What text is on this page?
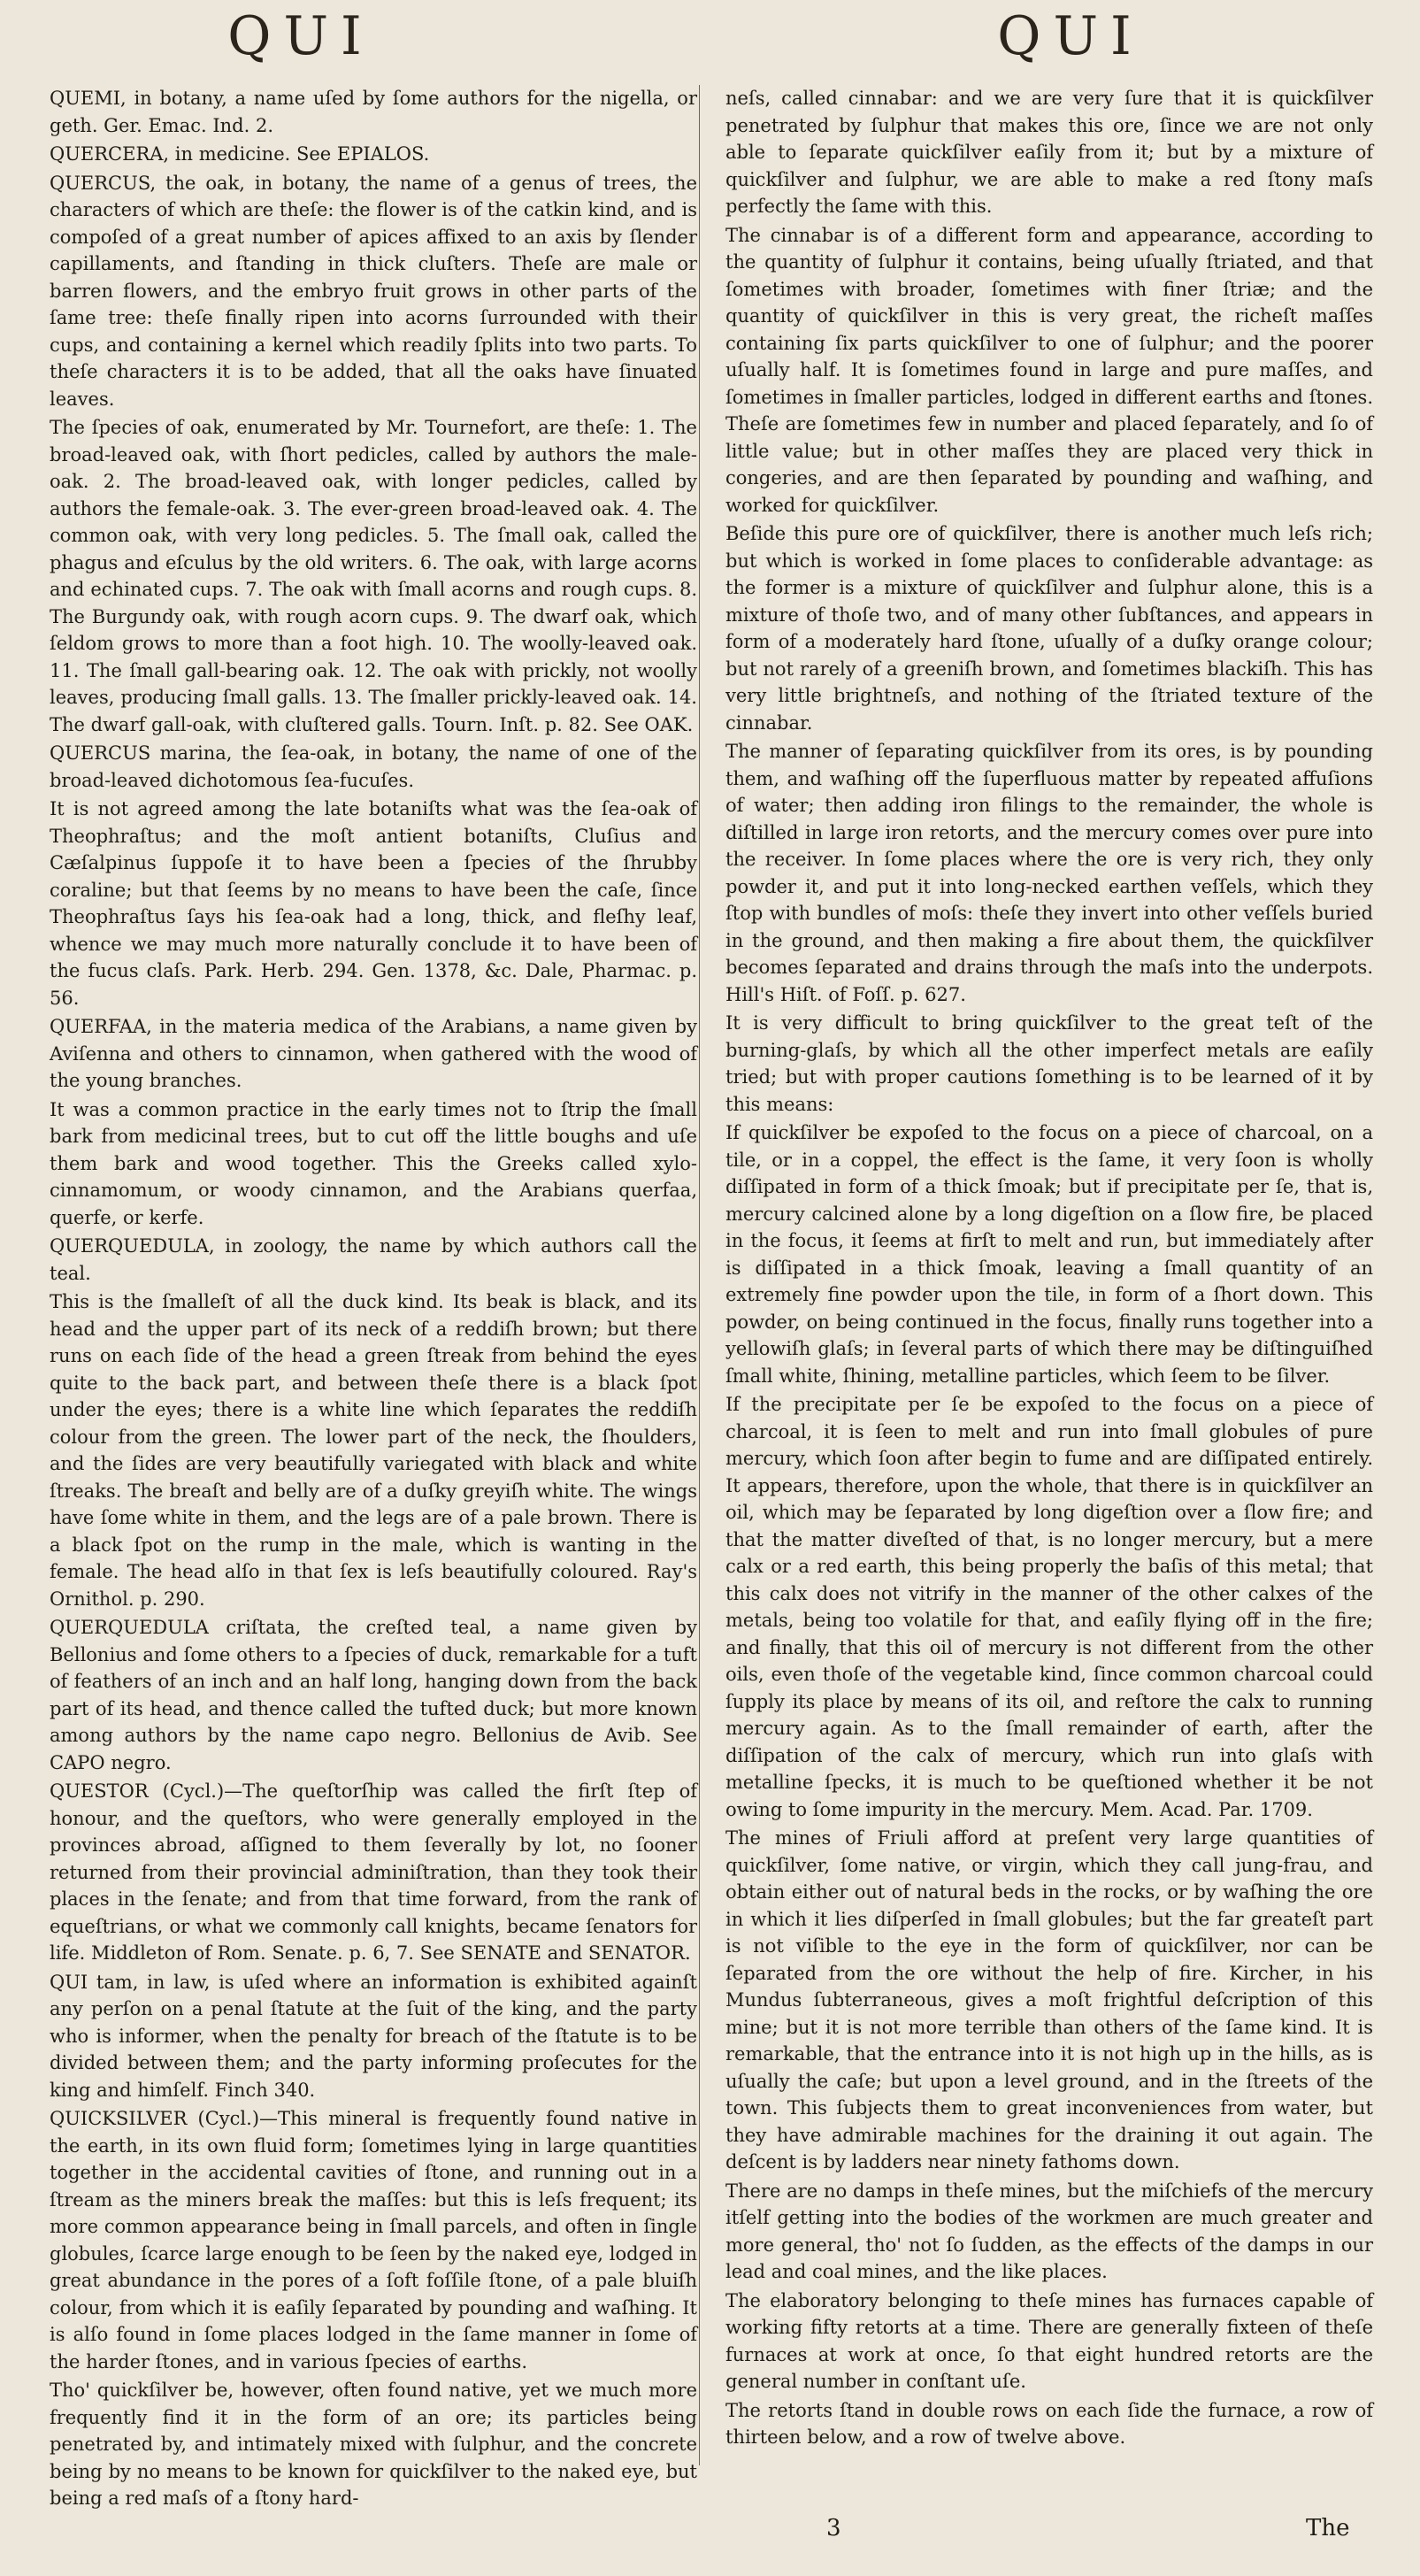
QUI	QUI

QUEMI, in botany, a name uſed by ſome authors for the nigella, or geth. Ger. Emac. Ind. 2.

QUERCERA, in medicine. See EPIALOS.

QUERCUS, the oak, in botany, the name of a genus of trees, the characters of which are theſe: the flower is of the catkin kind, and is compoſed of a great number of apices affixed to an axis by ſlender capillaments, and ſtanding in thick cluſters. Theſe are male or barren flowers, and the embryo fruit grows in other parts of the ſame tree: theſe finally ripen into acorns ſurrounded with their cups, and containing a kernel which readily ſplits into two parts. To theſe characters it is to be added, that all the oaks have ſinuated leaves.

The ſpecies of oak, enumerated by Mr. Tournefort, are theſe: 1. The broad-leaved oak, with ſhort pedicles, called by authors the male-oak. 2. The broad-leaved oak, with longer pedicles, called by authors the female-oak. 3. The ever-green broad-leaved oak. 4. The common oak, with very long pedicles. 5. The ſmall oak, called the phagus and eſculus by the old writers. 6. The oak, with large acorns and echinated cups. 7. The oak with ſmall acorns and rough cups. 8. The Burgundy oak, with rough acorn cups. 9. The dwarf oak, which ſeldom grows to more than a foot high. 10. The woolly-leaved oak. 11. The ſmall gall-bearing oak. 12. The oak with prickly, not woolly leaves, producing ſmall galls. 13. The ſmaller prickly-leaved oak. 14. The dwarf gall-oak, with cluſtered galls. Tourn. Inſt. p. 82. See OAK.

QUERCUS marina, the ſea-oak, in botany, the name of one of the broad-leaved dichotomous ſea-fucuſes.

It is not agreed among the late botaniſts what was the ſea-oak of Theophraſtus; and the moſt antient botaniſts, Cluſius and Cæſalpinus ſuppoſe it to have been a ſpecies of the ſhrubby coraline; but that ſeems by no means to have been the caſe, ſince Theophraſtus ſays his ſea-oak had a long, thick, and fleſhy leaf, whence we may much more naturally conclude it to have been of the fucus claſs. Park. Herb. 294. Gen. 1378, &c. Dale, Pharmac. p. 56.

QUERFAA, in the materia medica of the Arabians, a name given by Aviſenna and others to cinnamon, when gathered with the wood of the young branches.

It was a common practice in the early times not to ſtrip the ſmall bark from medicinal trees, but to cut off the little boughs and uſe them bark and wood together. This the Greeks called xylo-cinnamomum, or woody cinnamon, and the Arabians querfaa, querfe, or kerfe.

QUERQUEDULA, in zoology, the name by which authors call the teal.

This is the ſmalleſt of all the duck kind. Its beak is black, and its head and the upper part of its neck of a reddiſh brown; but there runs on each ſide of the head a green ſtreak from behind the eyes quite to the back part, and between theſe there is a black ſpot under the eyes; there is a white line which ſeparates the reddiſh colour from the green. The lower part of the neck, the ſhoulders, and the ſides are very beautifully variegated with black and white ſtreaks. The breaſt and belly are of a duſky greyiſh white. The wings have ſome white in them, and the legs are of a pale brown. There is a black ſpot on the rump in the male, which is wanting in the female. The head alſo in that ſex is leſs beautifully coloured. Ray's Ornithol. p. 290.

QUERQUEDULA criſtata, the creſted teal, a name given by Bellonius and ſome others to a ſpecies of duck, remarkable for a tuft of feathers of an inch and an half long, hanging down from the back part of its head, and thence called the tufted duck; but more known among authors by the name capo negro. Bellonius de Avib. See CAPO negro.

QUESTOR (Cycl.)—The queſtorſhip was called the firſt ſtep of honour, and the queſtors, who were generally employed in the provinces abroad, aſſigned to them ſeverally by lot, no ſooner returned from their provincial adminiſtration, than they took their places in the ſenate; and from that time forward, from the rank of equeſtrians, or what we commonly call knights, became ſenators for life. Middleton of Rom. Senate. p. 6, 7. See SENATE and SENATOR.

QUI tam, in law, is uſed where an information is exhibited againſt any perſon on a penal ſtatute at the ſuit of the king, and the party who is informer, when the penalty for breach of the ſtatute is to be divided between them; and the party informing proſecutes for the king and himſelf. Finch 340.

QUICKSILVER (Cycl.)—This mineral is frequently found native in the earth, in its own fluid form; ſometimes lying in large quantities together in the accidental cavities of ſtone, and running out in a ſtream as the miners break the maſſes: but this is leſs frequent; its more common appearance being in ſmall parcels, and often in ſingle globules, ſcarce large enough to be ſeen by the naked eye, lodged in great abundance in the pores of a ſoft foſſile ſtone, of a pale bluiſh colour, from which it is eaſily ſeparated by pounding and waſhing. It is alſo found in ſome places lodged in the ſame manner in ſome of the harder ſtones, and in various ſpecies of earths.

Tho' quickſilver be, however, often found native, yet we much more frequently find it in the form of an ore; its particles being penetrated by, and intimately mixed with ſulphur, and the concrete being by no means to be known for quickſilver to the naked eye, but being a red maſs of a ſtony hard-

neſs, called cinnabar: and we are very ſure that it is quickſilver penetrated by ſulphur that makes this ore, ſince we are not only able to ſeparate quickſilver eaſily from it; but by a mixture of quickſilver and ſulphur, we are able to make a red ſtony maſs perfectly the ſame with this.

The cinnabar is of a different form and appearance, according to the quantity of ſulphur it contains, being uſually ſtriated, and that ſometimes with broader, ſometimes with finer ſtriæ; and the quantity of quickſilver in this is very great, the richeſt maſſes containing ſix parts quickſilver to one of ſulphur; and the poorer uſually half. It is ſometimes found in large and pure maſſes, and ſometimes in ſmaller particles, lodged in different earths and ſtones. Theſe are ſometimes few in number and placed ſeparately, and ſo of little value; but in other maſſes they are placed very thick in congeries, and are then ſeparated by pounding and waſhing, and worked for quickſilver.

Beſide this pure ore of quickſilver, there is another much leſs rich; but which is worked in ſome places to conſiderable advantage: as the former is a mixture of quickſilver and ſulphur alone, this is a mixture of thoſe two, and of many other ſubſtances, and appears in form of a moderately hard ſtone, uſually of a duſky orange colour; but not rarely of a greeniſh brown, and ſometimes blackiſh. This has very little brightneſs, and nothing of the ſtriated texture of the cinnabar.

The manner of ſeparating quickſilver from its ores, is by pounding them, and waſhing off the ſuperfluous matter by repeated affuſions of water; then adding iron filings to the remainder, the whole is diſtilled in large iron retorts, and the mercury comes over pure into the receiver. In ſome places where the ore is very rich, they only powder it, and put it into long-necked earthen veſſels, which they ſtop with bundles of moſs: theſe they invert into other veſſels buried in the ground, and then making a fire about them, the quickſilver becomes ſeparated and drains through the maſs into the underpots. Hill's Hiſt. of Foſſ. p. 627.

It is very difficult to bring quickſilver to the great teſt of the burning-glaſs, by which all the other imperfect metals are eaſily tried; but with proper cautions ſomething is to be learned of it by this means:

If quickſilver be expoſed to the focus on a piece of charcoal, on a tile, or in a coppel, the effect is the ſame, it very ſoon is wholly diſſipated in form of a thick ſmoak; but if precipitate per ſe, that is, mercury calcined alone by a long digeſtion on a ſlow fire, be placed in the focus, it ſeems at firſt to melt and run, but immediately after is diſſipated in a thick ſmoak, leaving a ſmall quantity of an extremely fine powder upon the tile, in form of a ſhort down. This powder, on being continued in the focus, finally runs together into a yellowiſh glaſs; in ſeveral parts of which there may be diſtinguiſhed ſmall white, ſhining, metalline particles, which ſeem to be ſilver.

If the precipitate per ſe be expoſed to the focus on a piece of charcoal, it is ſeen to melt and run into ſmall globules of pure mercury, which ſoon after begin to fume and are diſſipated entirely. It appears, therefore, upon the whole, that there is in quickſilver an oil, which may be ſeparated by long digeſtion over a ſlow fire; and that the matter diveſted of that, is no longer mercury, but a mere calx or a red earth, this being properly the baſis of this metal; that this calx does not vitrify in the manner of the other calxes of the metals, being too volatile for that, and eaſily flying off in the fire; and finally, that this oil of mercury is not different from the other oils, even thoſe of the vegetable kind, ſince common charcoal could ſupply its place by means of its oil, and reſtore the calx to running mercury again. As to the ſmall remainder of earth, after the diſſipation of the calx of mercury, which run into glaſs with metalline ſpecks, it is much to be queſtioned whether it be not owing to ſome impurity in the mercury. Mem. Acad. Par. 1709.

The mines of Friuli afford at preſent very large quantities of quickſilver, ſome native, or virgin, which they call jung-frau, and obtain either out of natural beds in the rocks, or by waſhing the ore in which it lies diſperſed in ſmall globules; but the far greateſt part is not viſible to the eye in the form of quickſilver, nor can be ſeparated from the ore without the help of fire. Kircher, in his Mundus ſubterraneous, gives a moſt frightful deſcription of this mine; but it is not more terrible than others of the ſame kind. It is remarkable, that the entrance into it is not high up in the hills, as is uſually the caſe; but upon a level ground, and in the ſtreets of the town. This ſubjects them to great inconveniences from water, but they have admirable machines for the draining it out again. The deſcent is by ladders near ninety fathoms down.

There are no damps in theſe mines, but the miſchiefs of the mercury itſelf getting into the bodies of the workmen are much greater and more general, tho' not ſo ſudden, as the effects of the damps in our lead and coal mines, and the like places.

The elaboratory belonging to theſe mines has furnaces capable of working fifty retorts at a time. There are generally fixteen of theſe furnaces at work at once, ſo that eight hundred retorts are the general number in conſtant uſe.

The retorts ſtand in double rows on each ſide the furnace, a row of thirteen below, and a row of twelve above.

3	The
